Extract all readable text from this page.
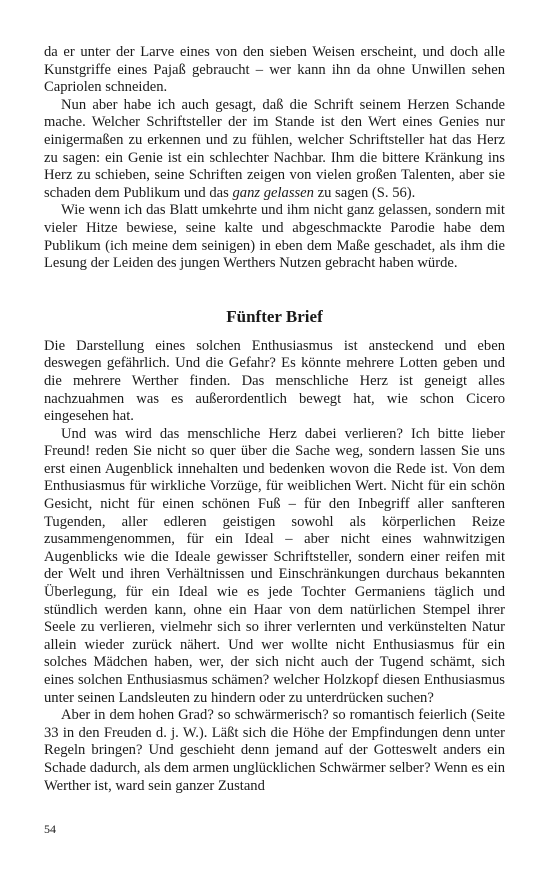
da er unter der Larve eines von den sieben Weisen erscheint, und doch alle Kunstgriffe eines Pajaß gebraucht – wer kann ihn da ohne Unwillen sehen Capriolen schneiden.

Nun aber habe ich auch gesagt, daß die Schrift seinem Herzen Schande mache. Welcher Schriftsteller der im Stande ist den Wert eines Genies nur einigermaßen zu erkennen und zu fühlen, welcher Schriftsteller hat das Herz zu sagen: ein Genie ist ein schlechter Nachbar. Ihm die bittere Kränkung ins Herz zu schieben, seine Schriften zeigen von vielen großen Talenten, aber sie schaden dem Publikum und das ganz gelassen zu sagen (S. 56).

Wie wenn ich das Blatt umkehrte und ihm nicht ganz gelassen, sondern mit vieler Hitze bewiese, seine kalte und abgeschmackte Parodie habe dem Publikum (ich meine dem seinigen) in eben dem Maße geschadet, als ihm die Lesung der Leiden des jungen Werthers Nutzen gebracht haben würde.

Fünfter Brief

Die Darstellung eines solchen Enthusiasmus ist ansteckend und eben deswegen gefährlich. Und die Gefahr? Es könnte mehrere Lotten geben und die mehrere Werther finden. Das menschliche Herz ist geneigt alles nachzuahmen was es außerordentlich bewegt hat, wie schon Cicero eingesehen hat.

Und was wird das menschliche Herz dabei verlieren? Ich bitte lieber Freund! reden Sie nicht so quer über die Sache weg, sondern lassen Sie uns erst einen Augenblick innehalten und bedenken wovon die Rede ist. Von dem Enthusiasmus für wirkliche Vorzüge, für weiblichen Wert. Nicht für ein schön Gesicht, nicht für einen schönen Fuß – für den Inbegriff aller sanfteren Tugenden, aller edleren geistigen sowohl als körperlichen Reize zusammengenommen, für ein Ideal – aber nicht eines wahnwitzigen Augenblicks wie die Ideale gewisser Schriftsteller, sondern einer reifen mit der Welt und ihren Verhältnissen und Einschränkungen durchaus bekannten Überlegung, für ein Ideal wie es jede Tochter Germaniens täglich und stündlich werden kann, ohne ein Haar von dem natürlichen Stempel ihrer Seele zu verlieren, vielmehr sich so ihrer verlernten und verkünstelten Natur allein wieder zurück nähert. Und wer wollte nicht Enthusiasmus für ein solches Mädchen haben, wer, der sich nicht auch der Tugend schämt, sich eines solchen Enthusiasmus schämen? welcher Holzkopf diesen Enthusiasmus unter seinen Landsleuten zu hindern oder zu unterdrücken suchen?

Aber in dem hohen Grad? so schwärmerisch? so romantisch feierlich (Seite 33 in den Freuden d. j. W.). Läßt sich die Höhe der Empfindungen denn unter Regeln bringen? Und geschieht denn jemand auf der Gotteswelt anders ein Schade dadurch, als dem armen unglücklichen Schwärmer selber? Wenn es ein Werther ist, ward sein ganzer Zustand

54
